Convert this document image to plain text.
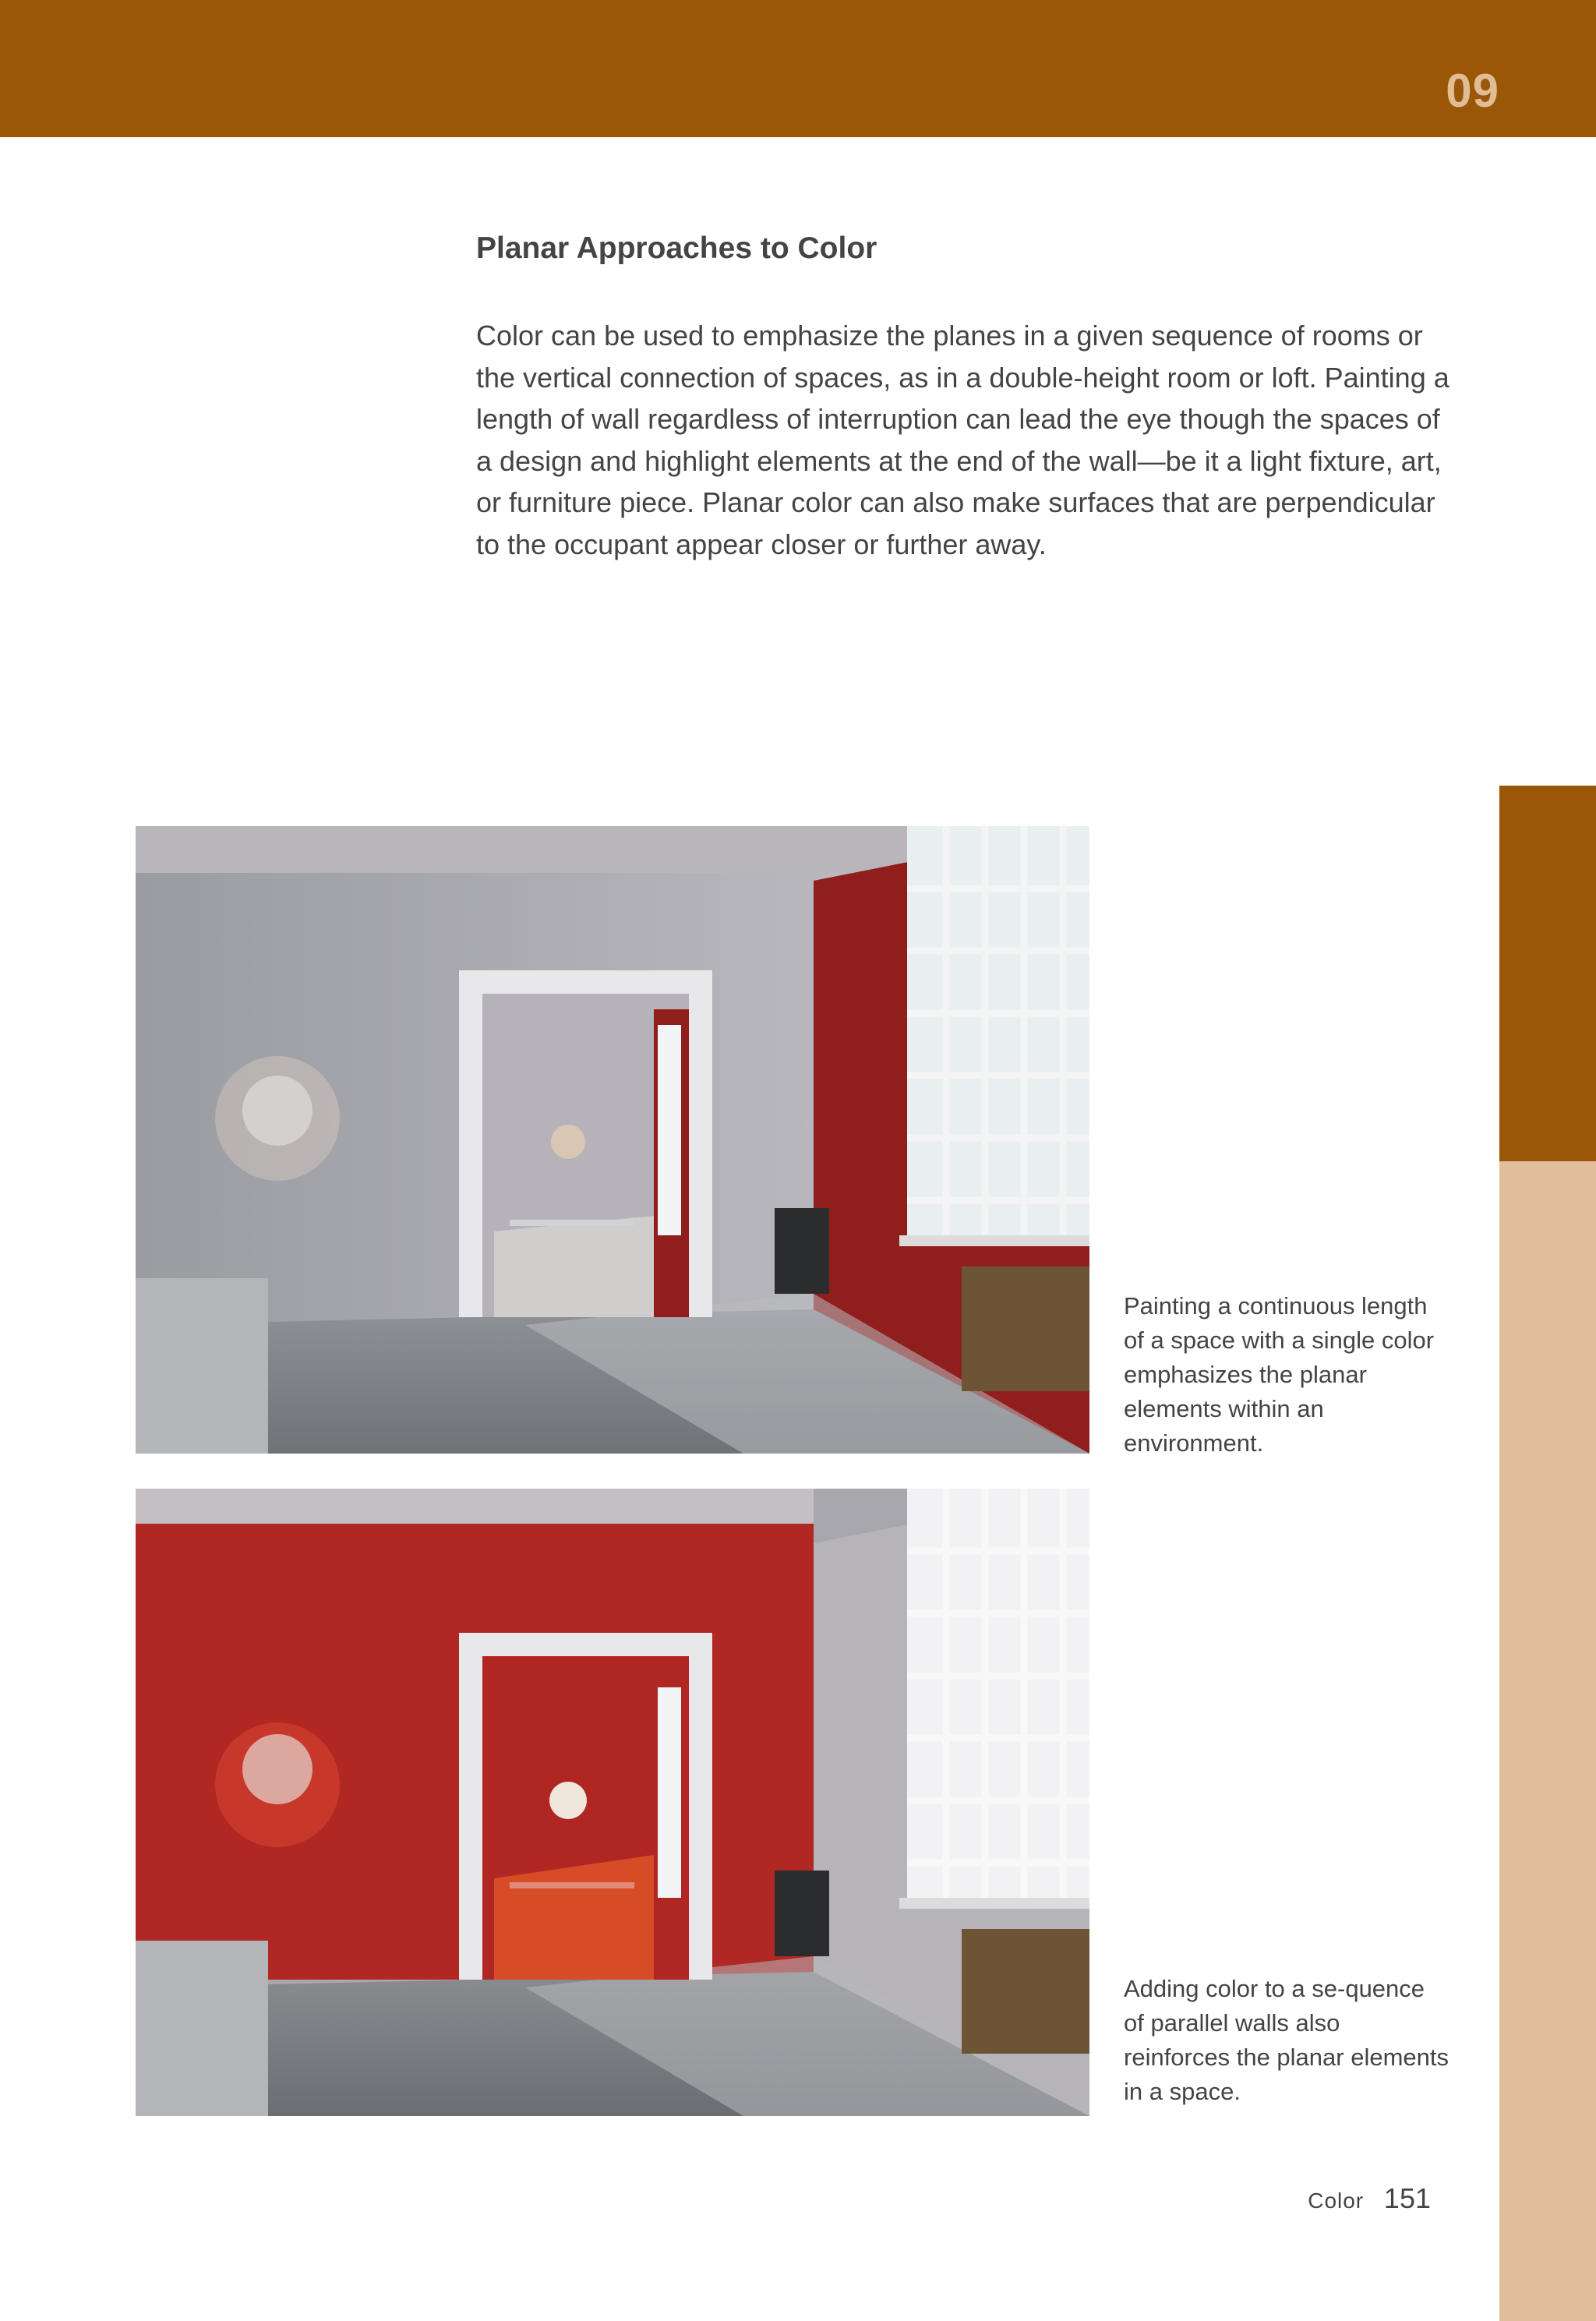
09
Planar Approaches to Color

Color can be used to emphasize the planes in a given sequence of rooms or the vertical connection of spaces, as in a double-height room or loft. Painting a length of wall regardless of interruption can lead the eye though the spaces of a design and highlight elements at the end of the wall—be it a light fixture, art, or furniture piece. Planar color can also make surfaces that are perpendicular to the occupant appear closer or further away.

Painting a continuous length of a space with a single color emphasizes the planar elements within an environment.

Adding color to a se-quence of parallel walls also reinforces the planar elements in a space.

Color 151
